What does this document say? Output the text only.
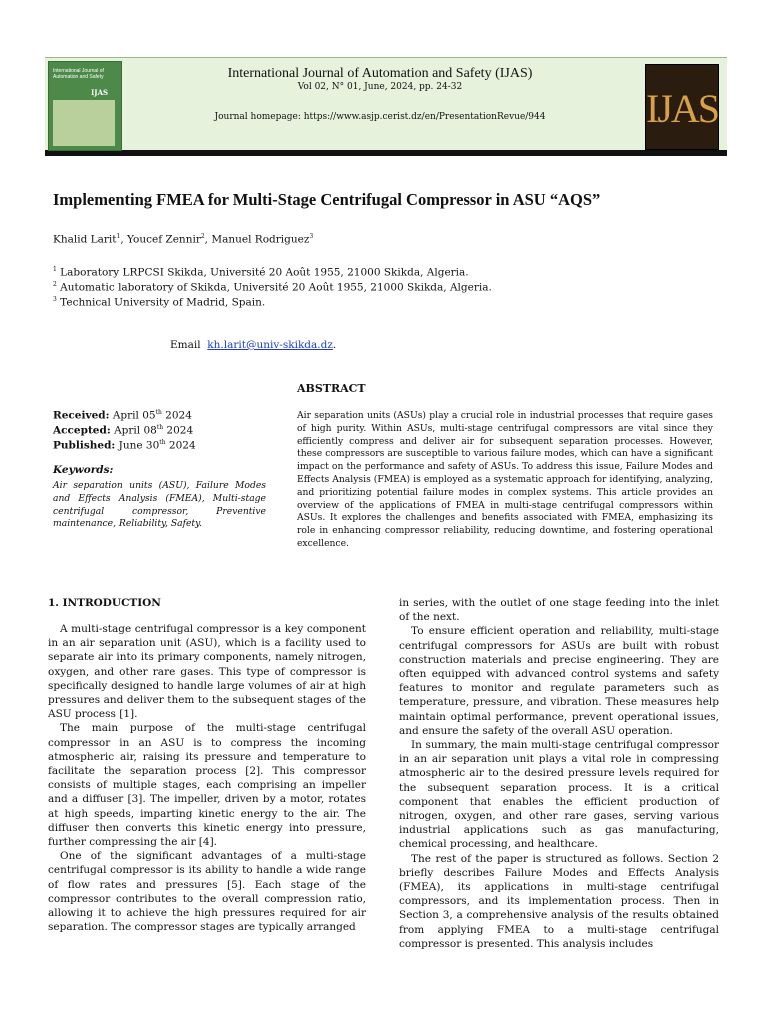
International Journal of Automation and Safety
IJAS
International Journal of Automation and Safety (IJAS)
Vol 02, N° 01, June, 2024, pp. 24-32
Journal homepage: https://www.asjp.cerist.dz/en/PresentationRevue/944	IJAS
Implementing FMEA for Multi-Stage Centrifugal Compressor in ASU “AQS”
Khalid Larit$^1$, Youcef Zennir$^2$, Manuel Rodriguez$^3$
$^1$ Laboratory LRPCSI Skikda, Université 20 Août 1955, 21000 Skikda, Algeria.
$^2$ Automatic laboratory of Skikda, Université 20 Août 1955, 21000 Skikda, Algeria.
$^3$ Technical University of Madrid, Spain.
Email kh.larit@univ-skikda.dz.
ABSTRACT
Air separation units (ASUs) play a crucial role in industrial processes that require gases of high purity. Within ASUs, multi-stage centrifugal compressors are vital since they efficiently compress and deliver air for subsequent separation processes. However, these compressors are susceptible to various failure modes, which can have a significant impact on the performance and safety of ASUs. To address this issue, Failure Modes and Effects Analysis (FMEA) is employed as a systematic approach for identifying, analyzing, and prioritizing potential failure modes in complex systems. This article provides an overview of the applications of FMEA in multi-stage centrifugal compressors within ASUs. It explores the challenges and benefits associated with FMEA, emphasizing its role in enhancing compressor reliability, reducing downtime, and fostering operational excellence.
Received: April 05th 2024
Accepted: April 08th 2024
Published: June 30th 2024
Keywords:
Air separation units (ASU), Failure Modes and Effects Analysis (FMEA), Multi-stage centrifugal compressor, Preventive maintenance, Reliability, Safety.
1. INTRODUCTION

A multi-stage centrifugal compressor is a key component in an air separation unit (ASU), which is a facility used to separate air into its primary components, namely nitrogen, oxygen, and other rare gases. This type of compressor is specifically designed to handle large volumes of air at high pressures and deliver them to the subsequent stages of the ASU process [1].

The main purpose of the multi-stage centrifugal compressor in an ASU is to compress the incoming atmospheric air, raising its pressure and temperature to facilitate the separation process [2]. This compressor consists of multiple stages, each comprising an impeller and a diffuser [3]. The impeller, driven by a motor, rotates at high speeds, imparting kinetic energy to the air. The diffuser then converts this kinetic energy into pressure, further compressing the air [4].

One of the significant advantages of a multi-stage centrifugal compressor is its ability to handle a wide range of flow rates and pressures [5]. Each stage of the compressor contributes to the overall compression ratio, allowing it to achieve the high pressures required for air separation. The compressor stages are typically arranged

in series, with the outlet of one stage feeding into the inlet of the next.

To ensure efficient operation and reliability, multi-stage centrifugal compressors for ASUs are built with robust construction materials and precise engineering. They are often equipped with advanced control systems and safety features to monitor and regulate parameters such as temperature, pressure, and vibration. These measures help maintain optimal performance, prevent operational issues, and ensure the safety of the overall ASU operation.

In summary, the main multi-stage centrifugal compressor in an air separation unit plays a vital role in compressing atmospheric air to the desired pressure levels required for the subsequent separation process. It is a critical component that enables the efficient production of nitrogen, oxygen, and other rare gases, serving various industrial applications such as gas manufacturing, chemical processing, and healthcare.

The rest of the paper is structured as follows. Section 2 briefly describes Failure Modes and Effects Analysis (FMEA), its applications in multi-stage centrifugal compressors, and its implementation process. Then in Section 3, a comprehensive analysis of the results obtained from applying FMEA to a multi-stage centrifugal compressor is presented. This analysis includes
